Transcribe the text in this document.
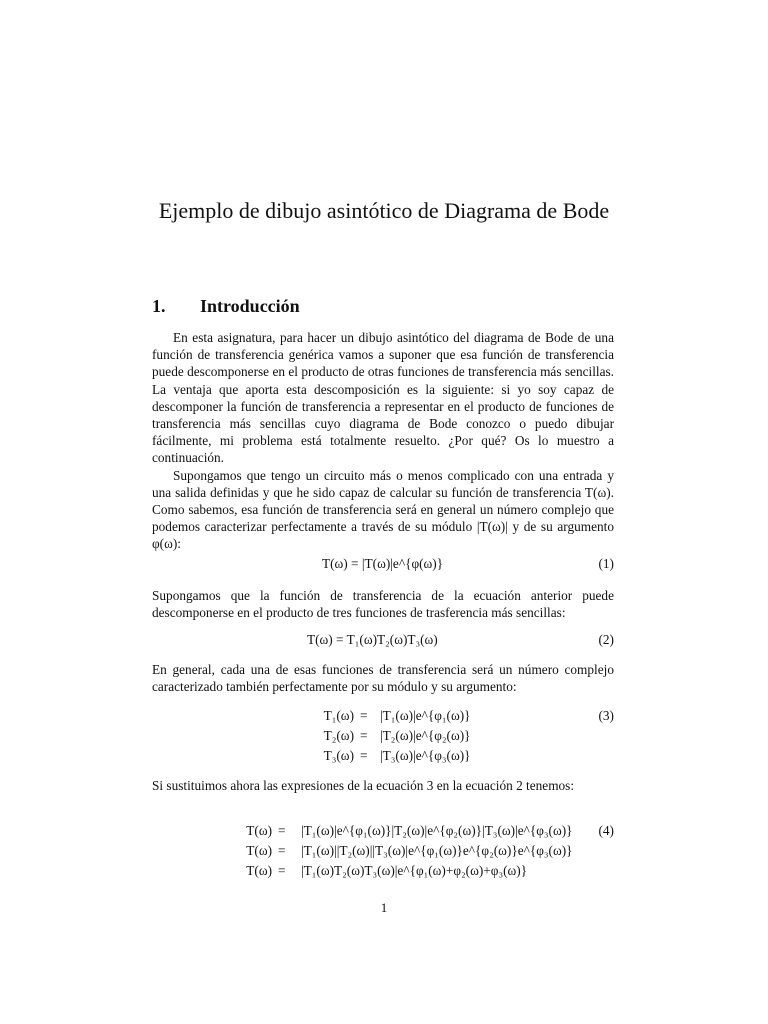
Ejemplo de dibujo asintótico de Diagrama de Bode
1. Introducción

En esta asignatura, para hacer un dibujo asintótico del diagrama de Bode de una función de transferencia genérica vamos a suponer que esa función de transferencia puede descomponerse en el producto de otras funciones de transferencia más sencillas. La ventaja que aporta esta descomposición es la siguiente: si yo soy capaz de descomponer la función de transferencia a representar en el producto de funciones de transferencia más sencillas cuyo diagrama de Bode conozco o puedo dibujar fácilmente, mi problema está totalmente resuelto. ¿Por qué? Os lo muestro a continuación.

Supongamos que tengo un circuito más o menos complicado con una entrada y una salida definidas y que he sido capaz de calcular su función de transferencia T(ω). Como sabemos, esa función de transferencia será en general un número complejo que podemos caracterizar perfectamente a través de su módulo |T(ω)| y de su argumento φ(ω):

T(ω) = |T(ω)|e^{φ(ω)}	(1)

Supongamos que la función de transferencia de la ecuación anterior puede descomponerse en el producto de tres funciones de trasferencia más sencillas:

T(ω) = T₁(ω)T₂(ω)T₃(ω)	(2)

En general, cada una de esas funciones de transferencia será un número complejo caracterizado también perfectamente por su módulo y su argumento:

T₁(ω) = |T₁(ω)|e^{φ₁(ω)}
T₂(ω) = |T₂(ω)|e^{φ₂(ω)}
T₃(ω) = |T₃(ω)|e^{φ₃(ω)}
(3)

Si sustituimos ahora las expresiones de la ecuación 3 en la ecuación 2 tenemos:

T(ω) = |T₁(ω)|e^{φ₁(ω)}|T₂(ω)|e^{φ₂(ω)}|T₃(ω)|e^{φ₃(ω)}
T(ω) = |T₁(ω)||T₂(ω)||T₃(ω)|e^{φ₁(ω)}e^{φ₂(ω)}e^{φ₃(ω)}
T(ω) = |T₁(ω)T₂(ω)T₃(ω)|e^{φ₁(ω)+φ₂(ω)+φ₃(ω)}
(4)
1
